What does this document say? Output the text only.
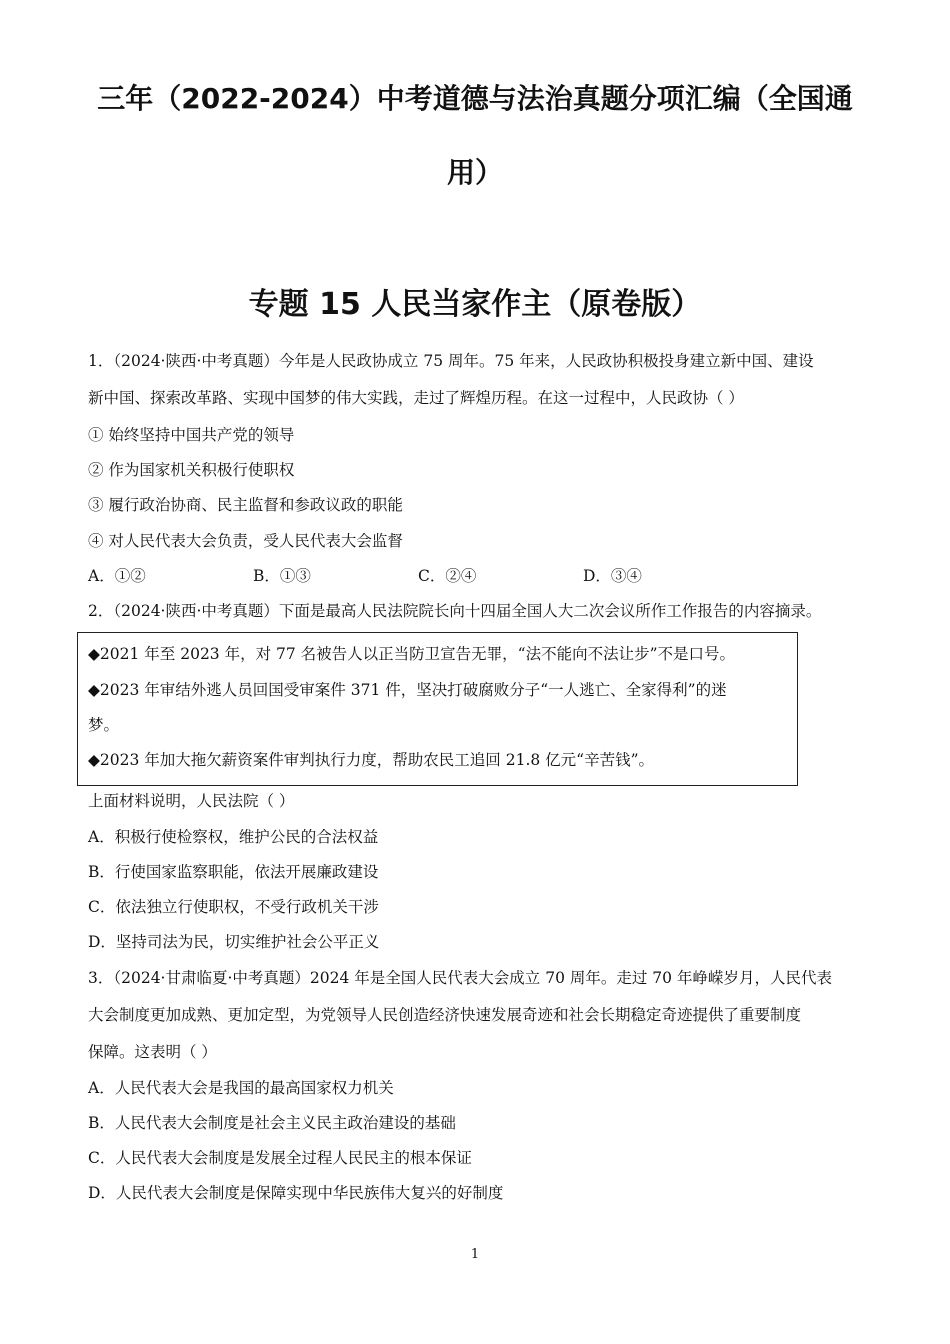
三年（2022-2024）中考道德与法治真题分项汇编（全国通
用）
专题 15 人民当家作主（原卷版）
1．（2024·陕西·中考真题）今年是人民政协成立 75 周年。75 年来，人民政协积极投身建立新中国、建设
新中国、探索改革路、实现中国梦的伟大实践，走过了辉煌历程。在这一过程中，人民政协（ ）
① 始终坚持中国共产党的领导
② 作为国家机关积极行使职权
③ 履行政治协商、民主监督和参政议政的职能
④ 对人民代表大会负责，受人民代表大会监督
A．①②	B．①③	C．②④	D．③④
2．（2024·陕西·中考真题）下面是最高人民法院院长向十四届全国人大二次会议所作工作报告的内容摘录。
◆2021 年至 2023 年，对 77 名被告人以正当防卫宣告无罪，“法不能向不法让步”不是口号。
◆2023 年审结外逃人员回国受审案件 371 件，坚决打破腐败分子“一人逃亡、全家得利”的迷
梦。
◆2023 年加大拖欠薪资案件审判执行力度，帮助农民工追回 21.8 亿元“辛苦钱”。
上面材料说明，人民法院（ ）
A．积极行使检察权，维护公民的合法权益
B．行使国家监察职能，依法开展廉政建设
C．依法独立行使职权，不受行政机关干涉
D．坚持司法为民，切实维护社会公平正义
3．（2024·甘肃临夏·中考真题）2024 年是全国人民代表大会成立 70 周年。走过 70 年峥嵘岁月，人民代表
大会制度更加成熟、更加定型，为党领导人民创造经济快速发展奇迹和社会长期稳定奇迹提供了重要制度
保障。这表明（ ）
A．人民代表大会是我国的最高国家权力机关
B．人民代表大会制度是社会主义民主政治建设的基础
C．人民代表大会制度是发展全过程人民民主的根本保证
D．人民代表大会制度是保障实现中华民族伟大复兴的好制度
1
